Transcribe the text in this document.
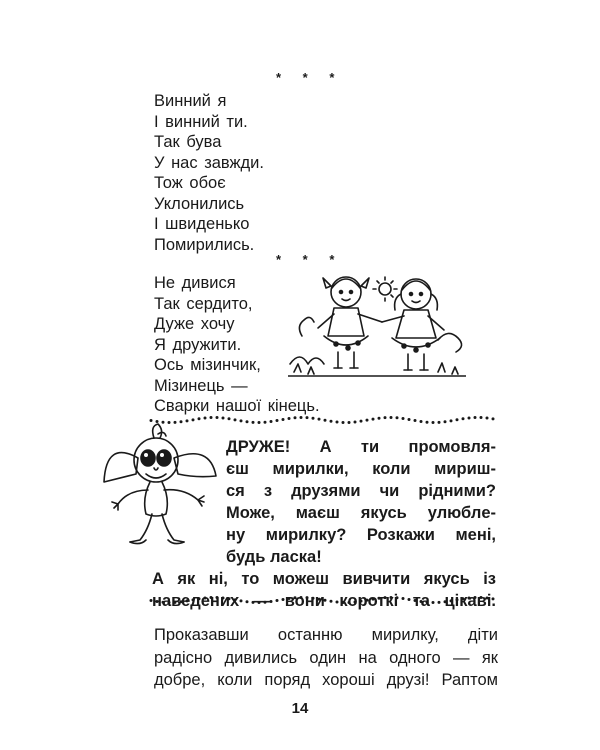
* * *
Винний я
І винний ти.
Так бува
У нас завжди.
Тож обоє
Уклонились
І швиденько
Помирились.
* * *
Не дивися
Так сердито,
Дуже хочу
Я дружити.
Ось мізинчик,
Мізинець —
Сварки нашої кінець.
ДРУЖЕ! А ти промовля-
єш мирилки, коли мириш-
ся з друзями чи рідними?
Може, маєш якусь улюблe-
ну мирилку? Розкажи мені,
будь ласка!
А як ні, то можеш вивчити якусь із
наведених — вони короткі та цікаві.
Проказавши останню мирилку, діти
радісно дивились один на одного — як
добре, коли поряд хороші друзі! Раптом
14
